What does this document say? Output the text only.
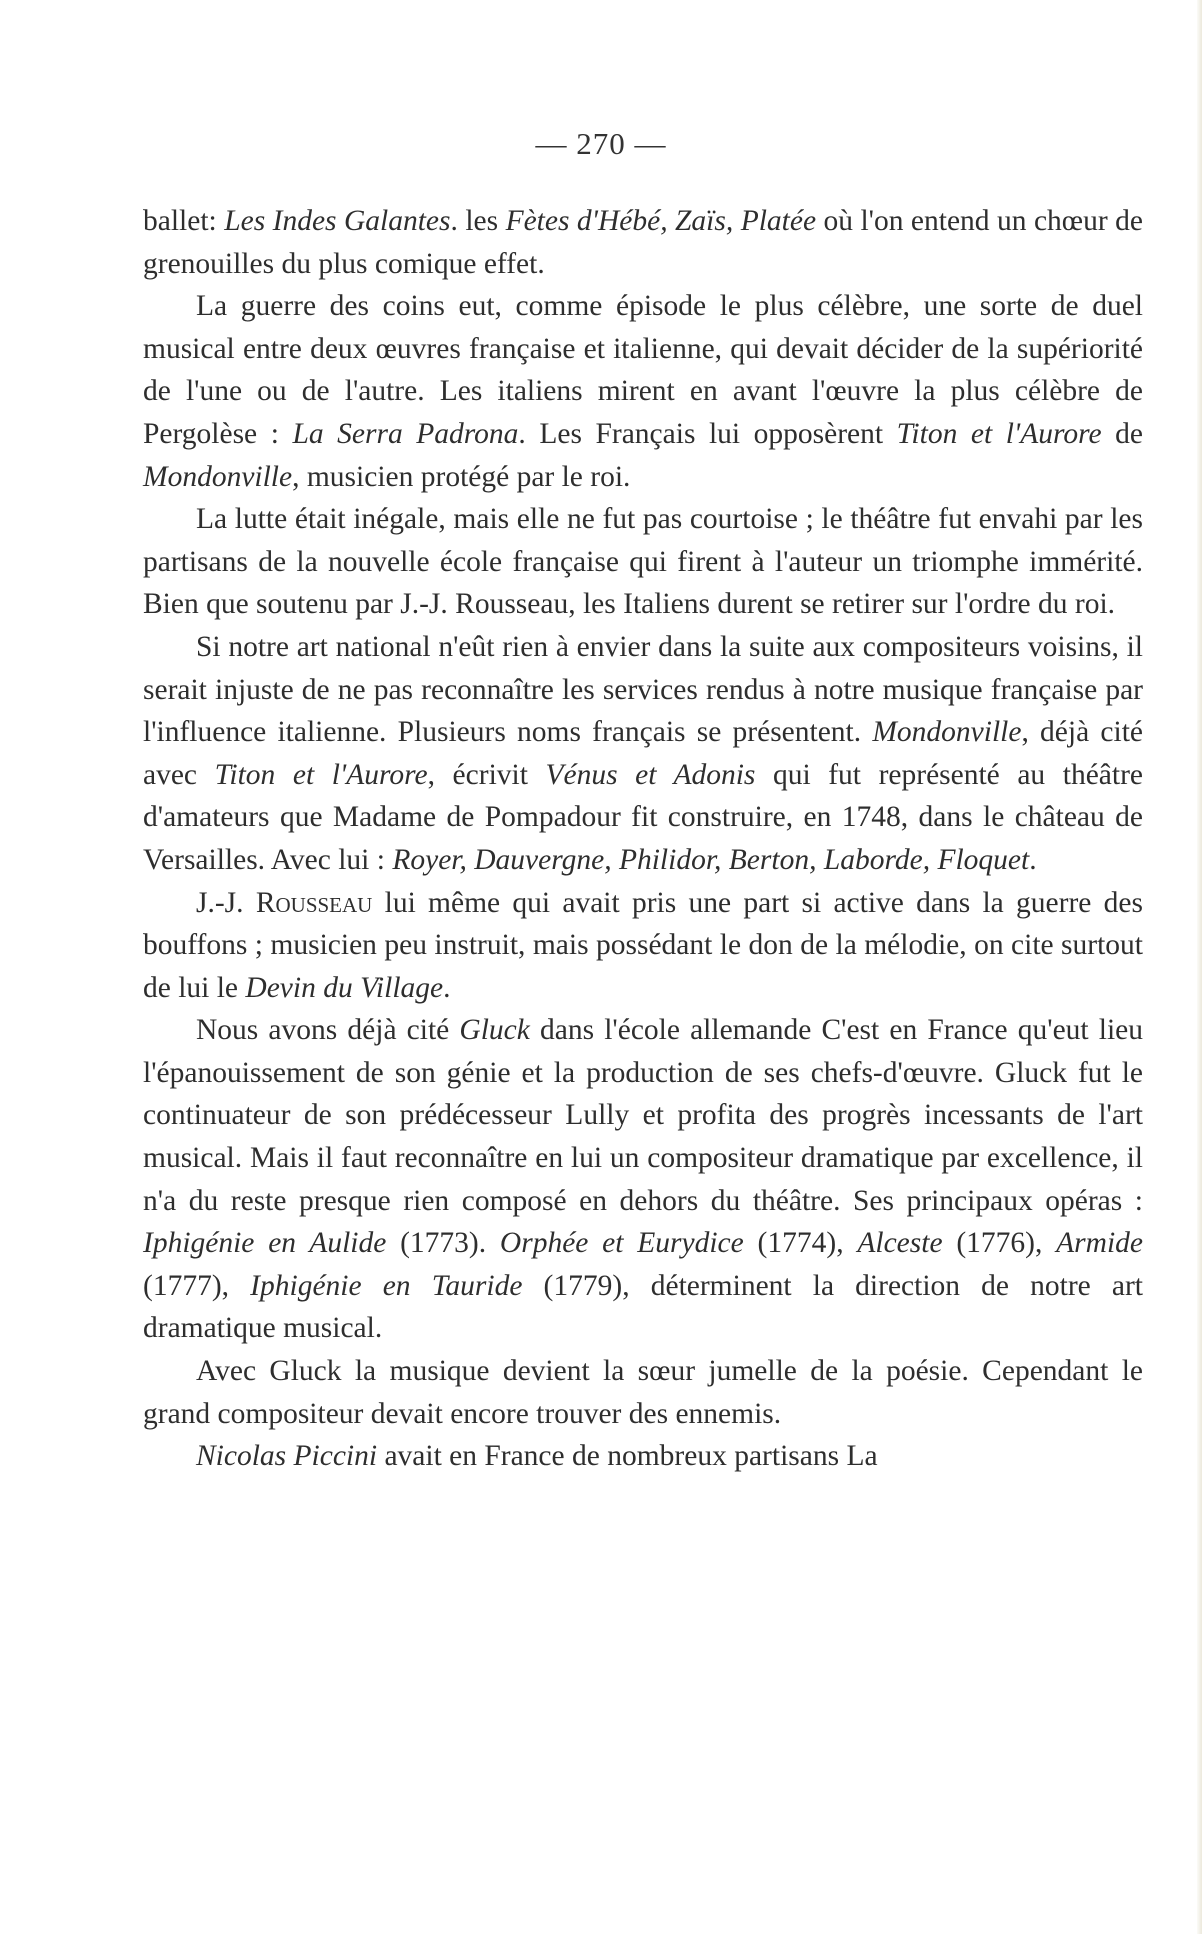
— 270 —

ballet: Les Indes Galantes. les Fètes d'Hébé, Zaïs, Platée où l'on entend un chœur de grenouilles du plus comique effet.

La guerre des coins eut, comme épisode le plus célèbre, une sorte de duel musical entre deux œuvres française et italienne, qui devait décider de la supériorité de l'une ou de l'autre. Les italiens mirent en avant l'œuvre la plus célèbre de Pergolèse : La Serra Padrona. Les Français lui opposèrent Titon et l'Aurore de Mondonville, musicien protégé par le roi.

La lutte était inégale, mais elle ne fut pas courtoise ; le théâtre fut envahi par les partisans de la nouvelle école française qui firent à l'auteur un triomphe immérité. Bien que soutenu par J.-J. Rousseau, les Italiens durent se retirer sur l'ordre du roi.

Si notre art national n'eût rien à envier dans la suite aux compositeurs voisins, il serait injuste de ne pas reconnaître les services rendus à notre musique française par l'influence italienne. Plusieurs noms français se présentent. Mondonville, déjà cité avec Titon et l'Aurore, écrivit Vénus et Adonis qui fut représenté au théâtre d'amateurs que Madame de Pompadour fit construire, en 1748, dans le château de Versailles. Avec lui : Royer, Dauvergne, Philidor, Berton, Laborde, Floquet.

J.-J. Rousseau lui même qui avait pris une part si active dans la guerre des bouffons ; musicien peu instruit, mais possédant le don de la mélodie, on cite surtout de lui le Devin du Village.

Nous avons déjà cité Gluck dans l'école allemande C'est en France qu'eut lieu l'épanouissement de son génie et la production de ses chefs-d'œuvre. Gluck fut le continuateur de son prédécesseur Lully et profita des progrès incessants de l'art musical. Mais il faut reconnaître en lui un compositeur dramatique par excellence, il n'a du reste presque rien composé en dehors du théâtre. Ses principaux opéras : Iphigénie en Aulide (1773). Orphée et Eurydice (1774), Alceste (1776), Armide (1777), Iphigénie en Tauride (1779), déterminent la direction de notre art dramatique musical.

Avec Gluck la musique devient la sœur jumelle de la poésie. Cependant le grand compositeur devait encore trouver des ennemis.

Nicolas Piccini avait en France de nombreux partisans La
